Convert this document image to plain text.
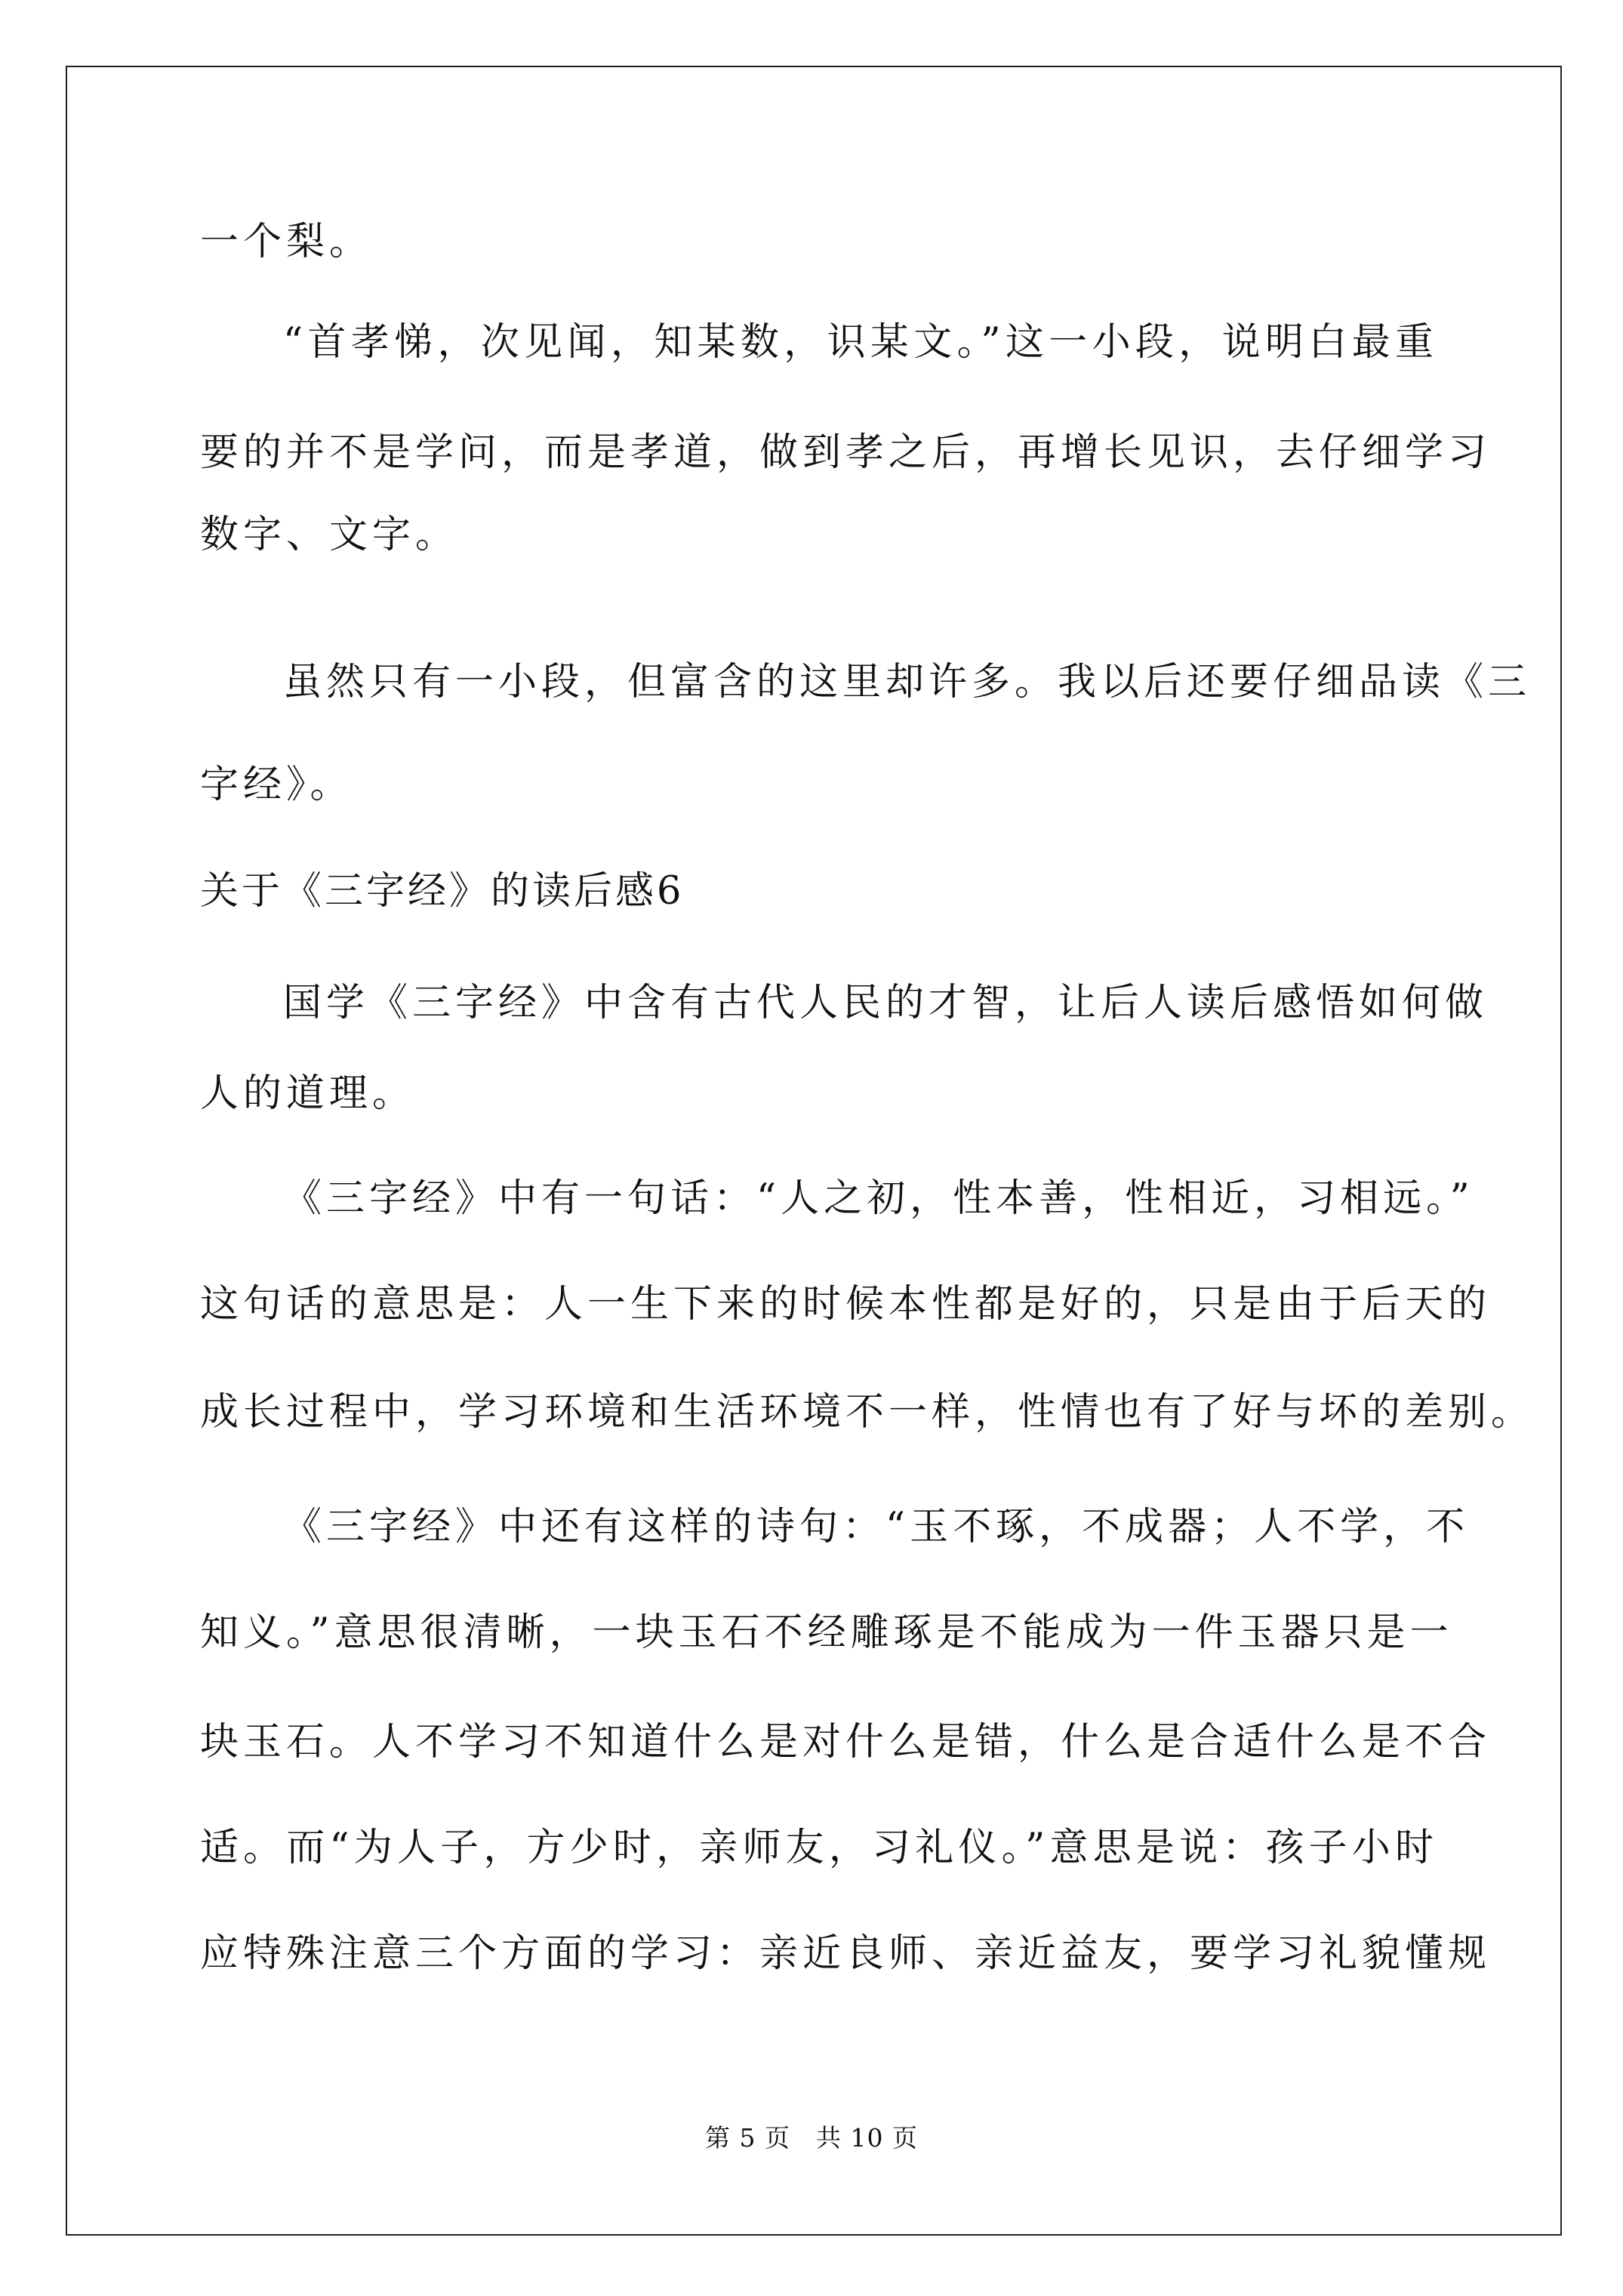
一个梨。
“首孝悌，次见闻，知某数，识某文。”这一小段，说明白最重
要的并不是学问，而是孝道，做到孝之后，再增长见识，去仔细学习
数字、文字。
虽然只有一小段，但富含的这里却许多。我以后还要仔细品读《三
字经》。
关于《三字经》的读后感6
国学《三字经》中含有古代人民的才智，让后人读后感悟如何做
人的道理。
《三字经》中有一句话：“人之初，性本善，性相近，习相远。”
这句话的意思是：人一生下来的时候本性都是好的，只是由于后天的
成长过程中，学习环境和生活环境不一样，性情也有了好与坏的差别。
《三字经》中还有这样的诗句：“玉不琢，不成器；人不学，不
知义。”意思很清晰，一块玉石不经雕琢是不能成为一件玉器只是一
块玉石。人不学习不知道什么是对什么是错，什么是合适什么是不合
适。而“为人子，方少时，亲师友，习礼仪。”意思是说：孩子小时
应特殊注意三个方面的学习：亲近良师、亲近益友，要学习礼貌懂规
第 5 页　共 10 页
